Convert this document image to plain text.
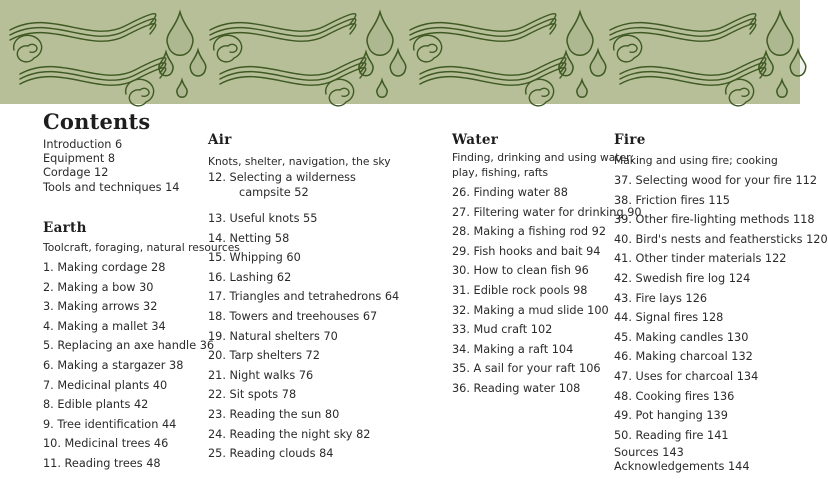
Contents
Introduction 6
Equipment 8
Cordage 12
Tools and techniques 14
Earth
Toolcraft, foraging, natural resources
1. Making cordage 28
2. Making a bow 30
3. Making arrows 32
4. Making a mallet 34
5. Replacing an axe handle 36
6. Making a stargazer 38
7. Medicinal plants 40
8. Edible plants 42
9. Tree identification 44
10. Medicinal trees 46
11. Reading trees 48
Air
Knots, shelter, navigation, the sky
12. Selecting a wilderness
campsite 52
13. Useful knots 55
14. Netting 58
15. Whipping 60
16. Lashing 62
17. Triangles and tetrahedrons 64
18. Towers and treehouses 67
19. Natural shelters 70
20. Tarp shelters 72
21. Night walks 76
22. Sit spots 78
23. Reading the sun 80
24. Reading the night sky 82
25. Reading clouds 84
Water
Finding, drinking and using water;
play, fishing, rafts
26. Finding water 88
27. Filtering water for drinking 90
28. Making a fishing rod 92
29. Fish hooks and bait 94
30. How to clean fish 96
31. Edible rock pools 98
32. Making a mud slide 100
33. Mud craft 102
34. Making a raft 104
35. A sail for your raft 106
36. Reading water 108
Fire
Making and using fire; cooking
37. Selecting wood for your fire 112
38. Friction fires 115
39. Other fire-lighting methods 118
40. Bird's nests and feathersticks 120
41. Other tinder materials 122
42. Swedish fire log 124
43. Fire lays 126
44. Signal fires 128
45. Making candles 130
46. Making charcoal 132
47. Uses for charcoal 134
48. Cooking fires 136
49. Pot hanging 139
50. Reading fire 141
Sources 143
Acknowledgements 144
